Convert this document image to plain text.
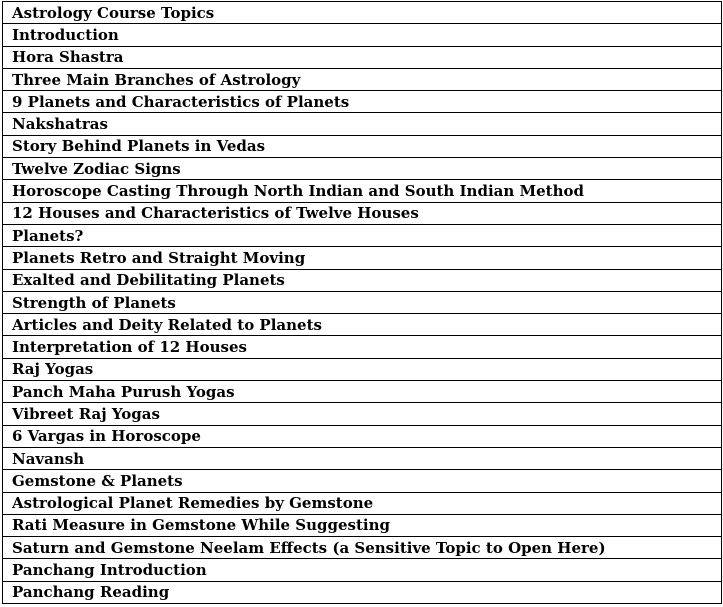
Astrology Course Topics
Introduction
Hora Shastra
Three Main Branches of Astrology
9 Planets and Characteristics of Planets
Nakshatras
Story Behind Planets in Vedas
Twelve Zodiac Signs
Horoscope Casting Through North Indian and South Indian Method
12 Houses and Characteristics of Twelve Houses
Planets?
Planets Retro and Straight Moving
Exalted and Debilitating Planets
Strength of Planets
Articles and Deity Related to Planets
Interpretation of 12 Houses
Raj Yogas
Panch Maha Purush Yogas
Vibreet Raj Yogas
6 Vargas in Horoscope
Navansh
Gemstone & Planets
Astrological Planet Remedies by Gemstone
Rati Measure in Gemstone While Suggesting
Saturn and Gemstone Neelam Effects (a Sensitive Topic to Open Here)
Panchang Introduction
Panchang Reading
